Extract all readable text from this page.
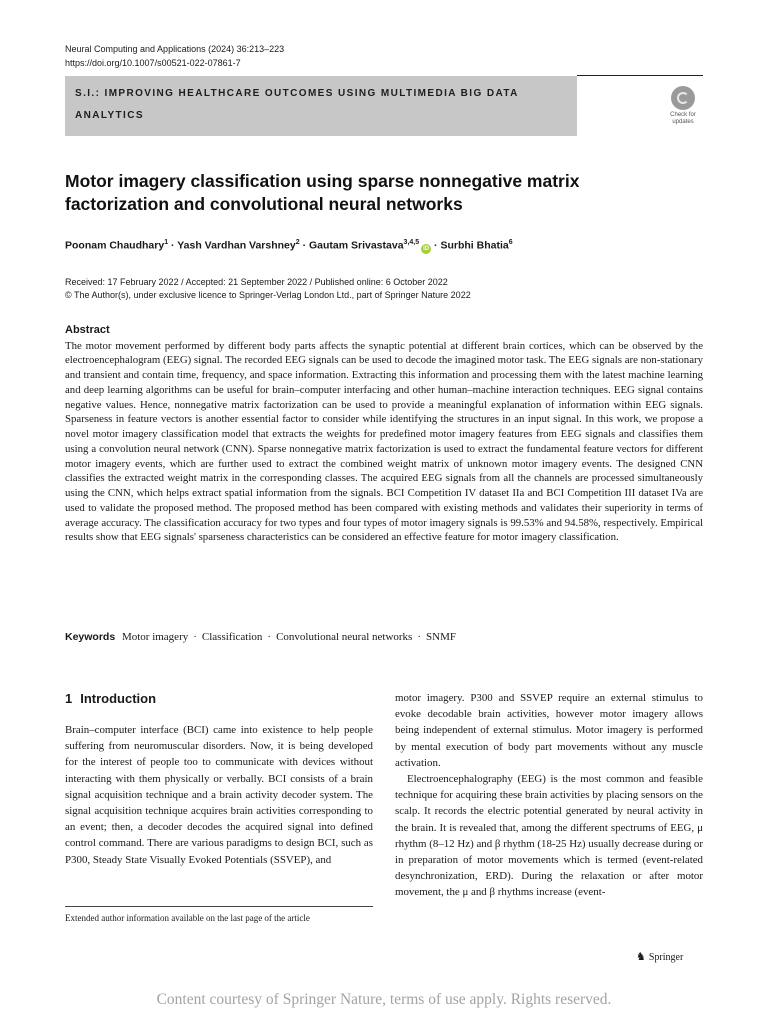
Neural Computing and Applications (2024) 36:213–223
https://doi.org/10.1007/s00521-022-07861-7
S.I.: IMPROVING HEALTHCARE OUTCOMES USING MULTIMEDIA BIG DATA ANALYTICS	Check for
updates
Motor imagery classification using sparse nonnegative matrix factorization and convolutional neural networks
Poonam Chaudhary$^1$ · Yash Vardhan Varshney$^2$ · Gautam Srivastava$^{3,4,5}$iD · Surbhi Bhatia$^6$
Received: 17 February 2022 / Accepted: 21 September 2022 / Published online: 6 October 2022
© The Author(s), under exclusive licence to Springer-Verlag London Ltd., part of Springer Nature 2022
Abstract
The motor movement performed by different body parts affects the synaptic potential at different brain cortices, which can be observed by the electroencephalogram (EEG) signal. The recorded EEG signals can be used to decode the imagined motor task. The EEG signals are non-stationary and transient and contain time, frequency, and space information. Extracting this information and processing them with the latest machine learning and deep learning algorithms can be useful for brain–computer interfacing and other human–machine interaction techniques. EEG signal contains negative values. Hence, nonnegative matrix factorization can be used to provide a meaningful explanation of information within EEG signals. Sparseness in feature vectors is another essential factor to consider while identifying the structures in an input signal. In this work, we propose a novel motor imagery classification model that extracts the weights for predefined motor imagery features from EEG signals and classifies them using a convolution neural network (CNN). Sparse nonnegative matrix factorization is used to extract the fundamental feature vectors for different motor imagery events, which are further used to extract the combined weight matrix of unknown motor imagery events. The designed CNN classifies the extracted weight matrix in the corresponding classes. The acquired EEG signals from all the channels are processed simultaneously using the CNN, which helps extract spatial information from the signals. BCI Competition IV dataset IIa and BCI Competition III dataset IVa are used to validate the proposed method. The proposed method has been compared with existing methods and validates their superiority in terms of average accuracy. The classification accuracy for two types and four types of motor imagery signals is 99.53% and 94.58%, respectively. Empirical results show that EEG signals' sparseness characteristics can be considered an effective feature for motor imagery classification.
Keywords Motor imagery · Classification · Convolutional neural networks · SNMF
1 Introduction

Brain–computer interface (BCI) came into existence to help people suffering from neuromuscular disorders. Now, it is being developed for the interest of people too to communicate with devices without interacting with them physically or verbally. BCI consists of a brain signal acquisition technique and a brain activity decoder system. The signal acquisition technique acquires brain activities corresponding to an event; then, a decoder decodes the acquired signal into defined control command. There are various paradigms to design BCI, such as P300, Steady State Visually Evoked Potentials (SSVEP), and

motor imagery. P300 and SSVEP require an external stimulus to evoke decodable brain activities, however motor imagery allows being independent of external stimulus. Motor imagery is performed by mental execution of body part movements without any muscle activation.

Electroencephalography (EEG) is the most common and feasible technique for acquiring these brain activities by placing sensors on the scalp. It records the electric potential generated by neural activity in the brain. It is revealed that, among the different spectrums of EEG, μ rhythm (8–12 Hz) and β rhythm (18-25 Hz) usually decrease during or in preparation of motor movements which is termed (event-related desynchronization, ERD). During the relaxation or after motor movement, the μ and β rhythms increase (event-

Extended author information available on the last page of the article
♞ Springer
Content courtesy of Springer Nature, terms of use apply. Rights reserved.
